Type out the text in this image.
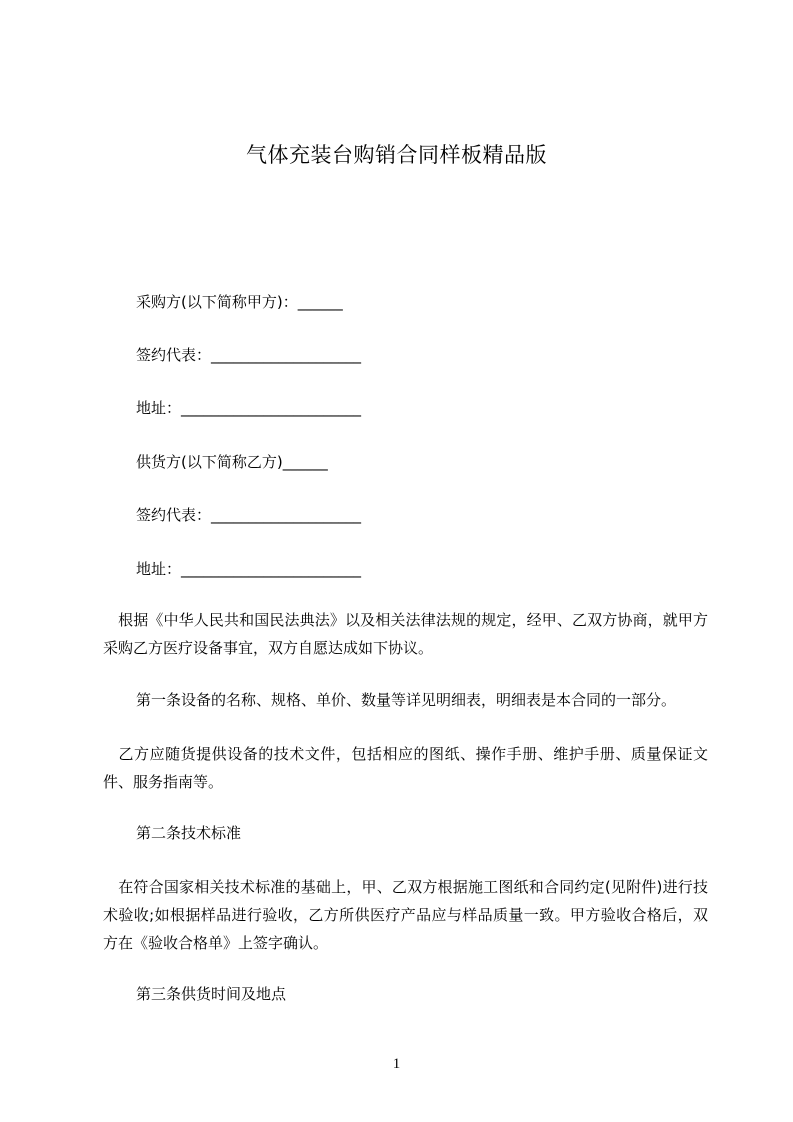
气体充装台购销合同样板精品版

采购方(以下简称甲方)：______

签约代表：____________________

地址：________________________

供货方(以下简称乙方)______

签约代表：____________________

地址：________________________

　根据《中华人民共和国民法典法》以及相关法律法规的规定，经甲、乙双方协商，就甲方采购乙方医疗设备事宜，双方自愿达成如下协议。

第一条设备的名称、规格、单价、数量等详见明细表，明细表是本合同的一部分。

　乙方应随货提供设备的技术文件，包括相应的图纸、操作手册、维护手册、质量保证文件、服务指南等。

第二条技术标准

　在符合国家相关技术标准的基础上，甲、乙双方根据施工图纸和合同约定(见附件)进行技术验收;如根据样品进行验收，乙方所供医疗产品应与样品质量一致。甲方验收合格后，双方在《验收合格单》上签字确认。

第三条供货时间及地点

1
